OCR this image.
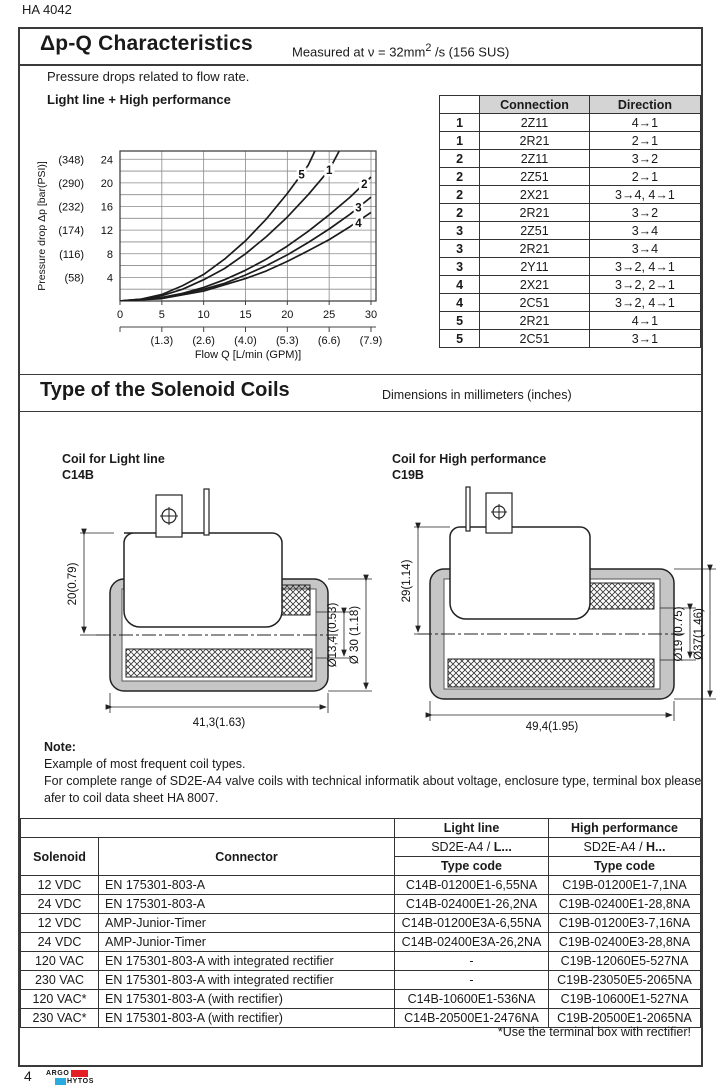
HA 4042
Δp-Q Characteristics	Measured at $\nu = 32mm^2$ /s (156 SUS)
Pressure drops related to flow rate.
Light line + High performance
4
(58)
8
(116)
12
(174)
16
(232)
20
(290)
24
(348)
Pressure drop Δp [bar(PSI)]
0	5	10	15	20	25	30
(1.3) (2.6) (4.0) (5.3) (6.6) (7.9)
Flow Q [L/min (GPM)]
5 1
2
3
4
	Connection	Direction
1	2Z11	4→1
1	2R21	2→1
2	2Z11	3→2
2	2Z51	2→1
2	2X21	3→4, 4→1
2	2R21	3→2
3	2Z51	3→4
3	2R21	3→4
3	2Y11	3→2, 4→1
4	2X21	3→2, 2→1
4	2C51	3→2, 4→1
5	2R21	4→1
5	2C51	3→1
Type of the Solenoid Coils	Dimensions in millimeters (inches)
Coil for Light line
C14B
Coil for High performance
C19B
20(0.79)
41,3(1.63)
Ø13,4 (0.53) Ø 30 (1.18)
29(1.14)
49,4(1.95)
Ø19 (0.75) Ø37(1.46)
Note:
Example of most frequent coil types.
For complete range of SD2E-A4 valve coils with technical informatik about voltage, enclosure type, terminal box please
afer to coil data sheet HA 8007.
		Light line	High performance
Solenoid	Connector	SD2E-A4 / L...	SD2E-A4 / H...
		Type code	Type code
12 VDC	EN 175301-803-A	C14B-01200E1-6,55NA	C19B-01200E1-7,1NA
24 VDC	EN 175301-803-A	C14B-02400E1-26,2NA	C19B-02400E1-28,8NA
12 VDC	AMP-Junior-Timer	C14B-01200E3A-6,55NA	C19B-01200E3-7,16NA
24 VDC	AMP-Junior-Timer	C14B-02400E3A-26,2NA	C19B-02400E3-28,8NA
120 VAC	EN 175301-803-A with integrated rectifier	-	C19B-12060E5-527NA
230 VAC	EN 175301-803-A with integrated rectifier	-	C19B-23050E5-2065NA
120 VAC*	EN 175301-803-A (with rectifier)	C14B-10600E1-536NA	C19B-10600E1-527NA
230 VAC*	EN 175301-803-A (with rectifier)	C14B-20500E1-2476NA	C19B-20500E1-2065NA
*Use the terminal box with rectifier!
4 ARGO
HYTOS
